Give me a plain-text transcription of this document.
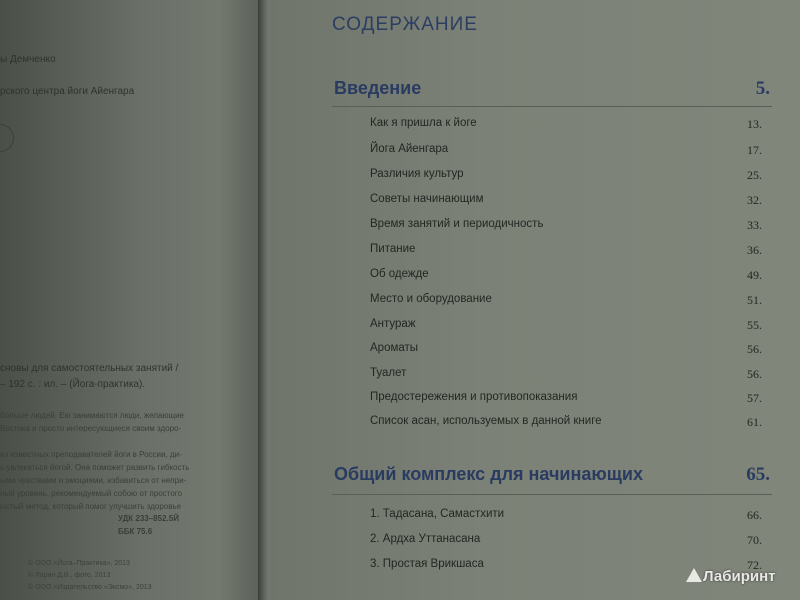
ы Демченко
рского центра йоги Айенгара
сновы для самостоятельных занятий /
– 192 с. : ил. – (Йога-практика).
больше людей. Ею занимаются люди, желающие
Востока и просто интересующиеся своим здоро-
из известных преподавателей йоги в России, ди-
ь увлекаться йогой. Она поможет развить гибкость
ыми чувствами и эмоциями, избавиться от непри-
ный уровень, рекомендуемый собою от простого
ыстый метод, который помог улучшить здоровье
УДК 233–852.5Й
ББК 75.6
© ООО «Йога–Практика», 2013
© Ларин Д.В., фото, 2013
© ООО «Издательство «Эксмо», 2013
СОДЕРЖАНИЕ
Введение	5.
Как я пришла к йоге	13.
Йога Айенгара	17.
Различия культур	25.
Советы начинающим	32.
Время занятий и периодичность	33.
Питание	36.
Об одежде	49.
Место и оборудование	51.
Антураж	55.
Ароматы	56.
Туалет	56.
Предостережения и противопоказания	57.
Список асан, используемых в данной книге	61.
Общий комплекс для начинающих	65.
1. Тадасана, Самастхити	66.
2. Ардха Уттанасана	70.
3. Простая Врикшаса	72.
Лабиринт
